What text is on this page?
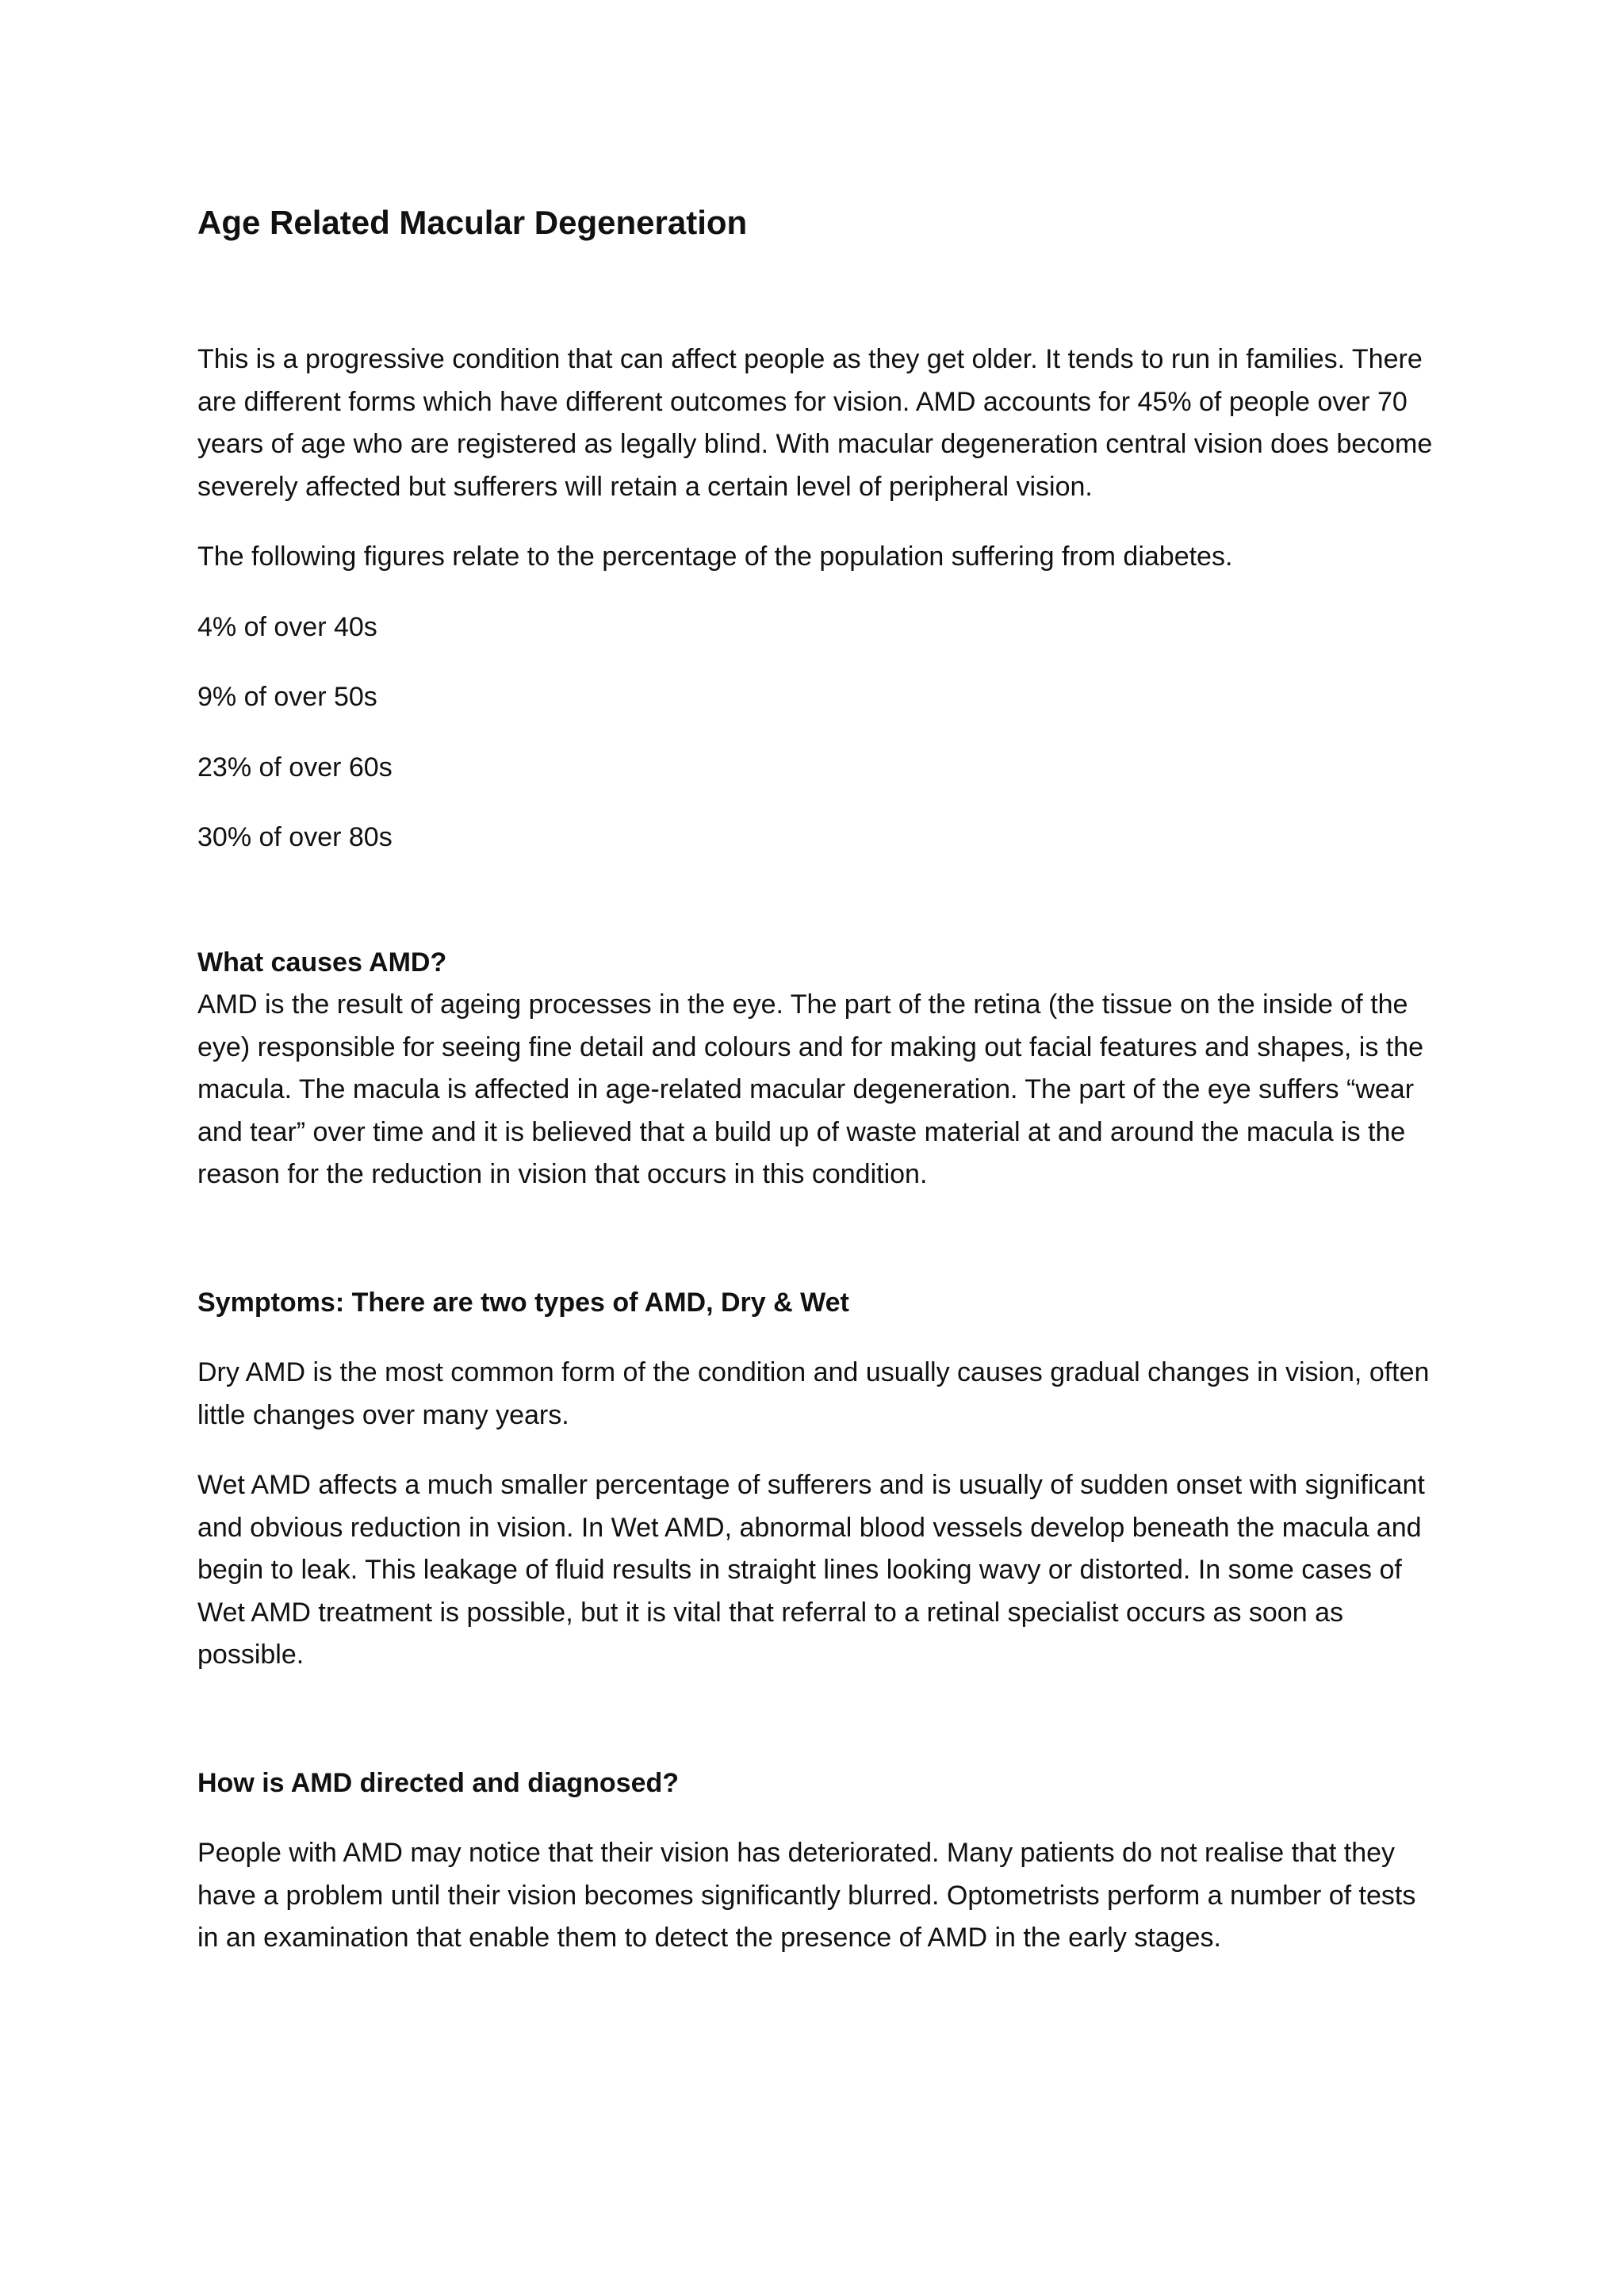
Age Related Macular Degeneration

This is a progressive condition that can affect people as they get older. It tends to run in families. There are different forms which have different outcomes for vision. AMD accounts for 45% of people over 70 years of age who are registered as legally blind. With macular degeneration central vision does become severely affected but sufferers will retain a certain level of peripheral vision.

The following figures relate to the percentage of the population suffering from diabetes.

4% of over 40s
9% of over 50s
23% of over 60s
30% of over 80s
What causes AMD?

AMD is the result of ageing processes in the eye. The part of the retina (the tissue on the inside of the eye) responsible for seeing fine detail and colours and for making out facial features and shapes, is the macula. The macula is affected in age-related macular degeneration. The part of the eye suffers “wear and tear” over time and it is believed that a build up of waste material at and around the macula is the reason for the reduction in vision that occurs in this condition.

Symptoms: There are two types of AMD, Dry & Wet

Dry AMD is the most common form of the condition and usually causes gradual changes in vision, often little changes over many years.

Wet AMD affects a much smaller percentage of sufferers and is usually of sudden onset with significant and obvious reduction in vision. In Wet AMD, abnormal blood vessels develop beneath the macula and begin to leak. This leakage of fluid results in straight lines looking wavy or distorted. In some cases of Wet AMD treatment is possible, but it is vital that referral to a retinal specialist occurs as soon as possible.

How is AMD directed and diagnosed?

People with AMD may notice that their vision has deteriorated. Many patients do not realise that they have a problem until their vision becomes significantly blurred. Optometrists perform a number of tests in an examination that enable them to detect the presence of AMD in the early stages.
